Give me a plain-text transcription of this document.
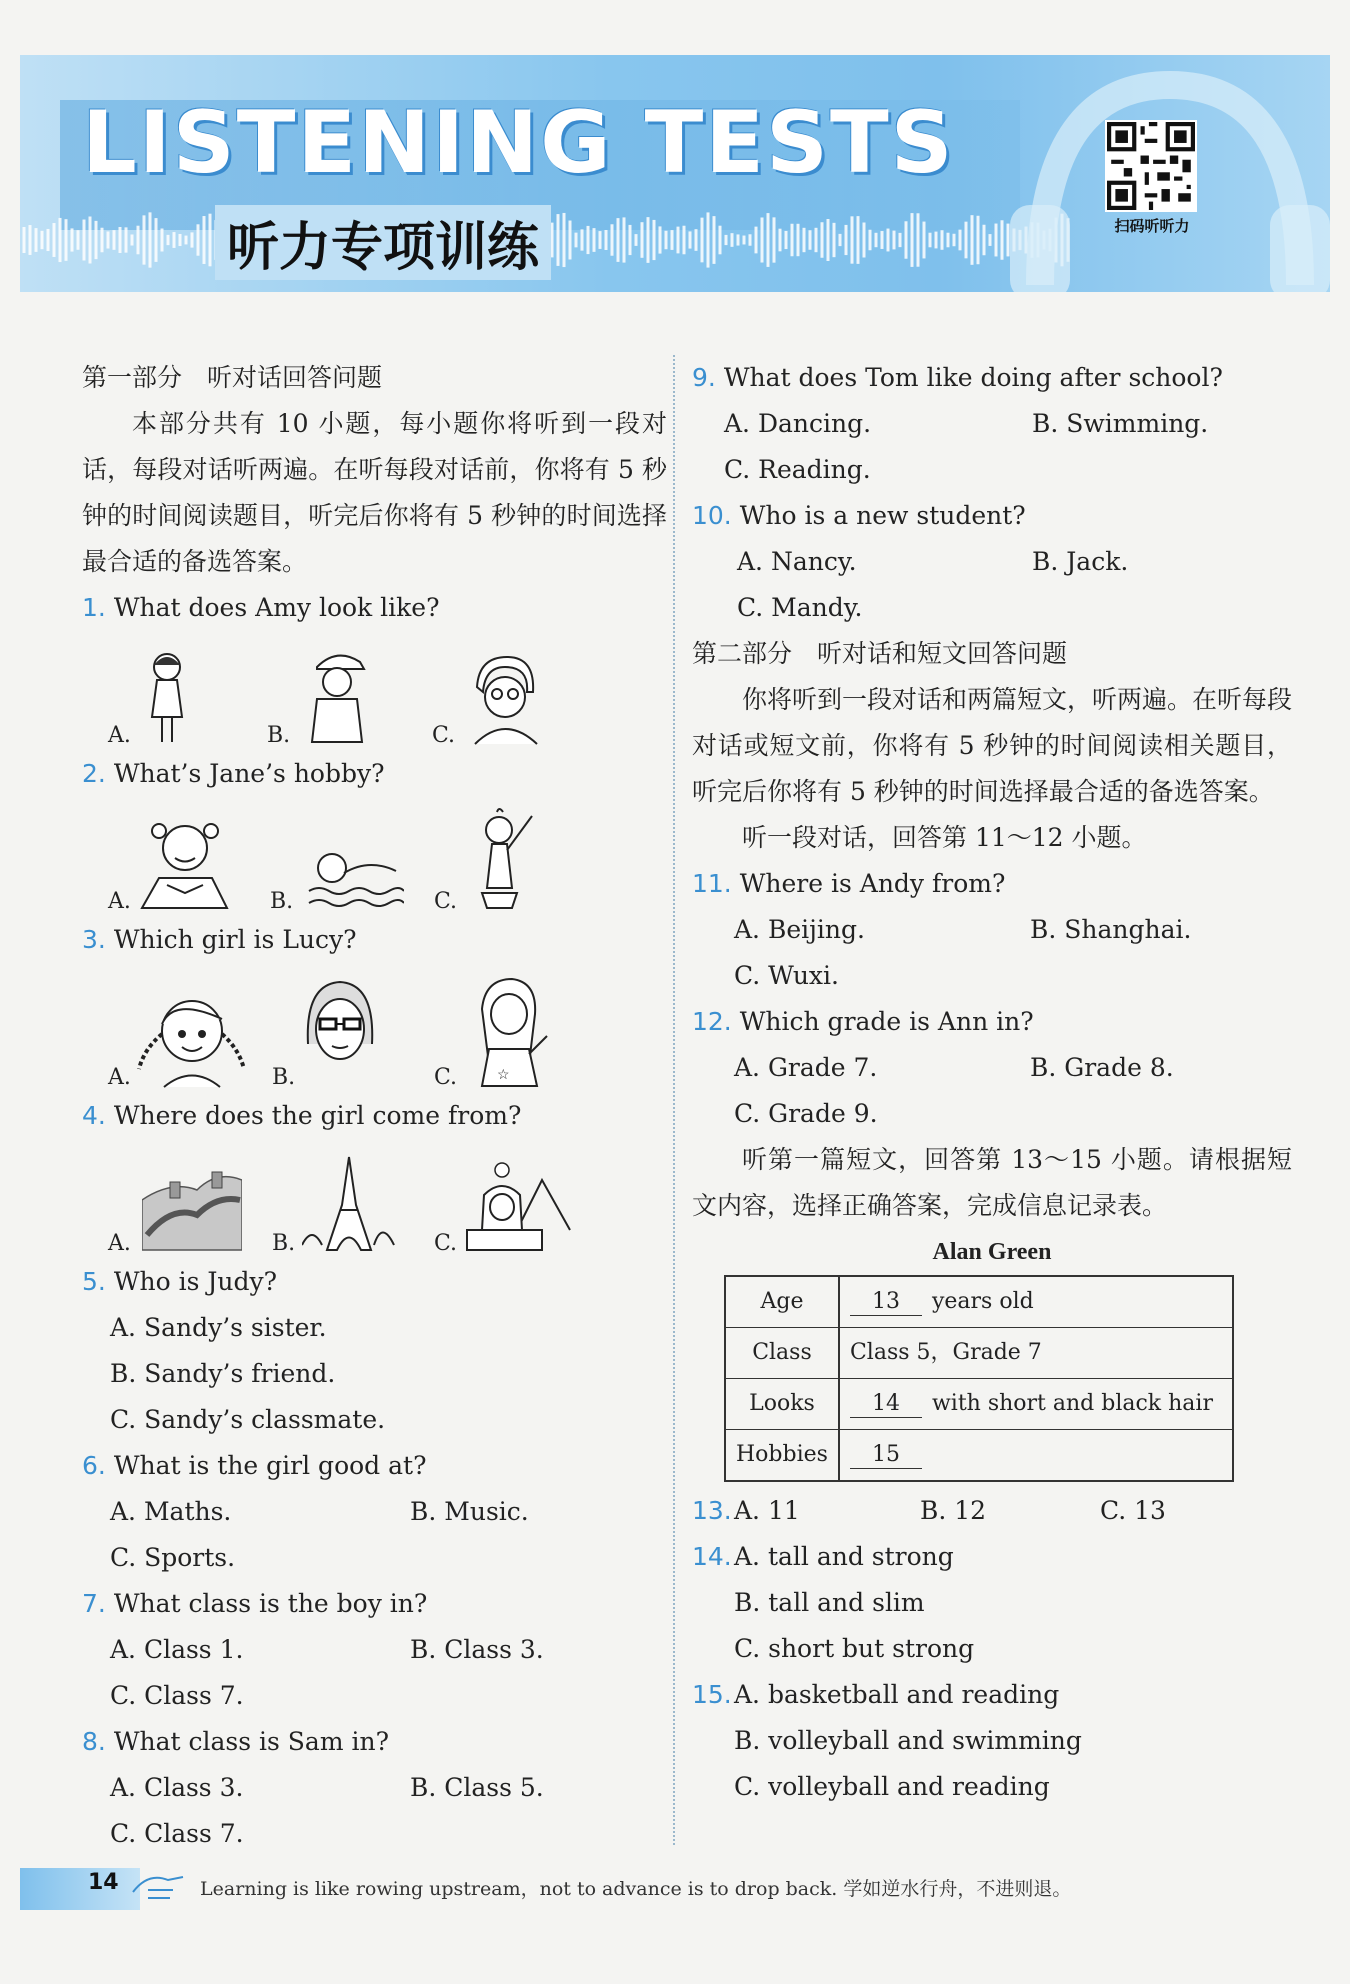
LISTENING TESTS
听力专项训练	扫码听听力
第一部分　听对话回答问题

本部分共有 10 小题，每小题你将听到一段对话，每段对话听两遍。在听每段对话前，你将有 5 秒钟的时间阅读题目，听完后你将有 5 秒钟的时间选择最合适的备选答案。

1. What does Amy look like?
A.	B.	C.
2. What’s Jane’s hobby?
A.	B.	C.
3. Which girl is Lucy?
A.	B.	C.	☆
4. Where does the girl come from?
A.	B.	C.
5. Who is Judy?
A. Sandy’s sister.
B. Sandy’s friend.
C. Sandy’s classmate.
6. What is the girl good at?
A. Maths.	B. Music.
C. Sports.
7. What class is the boy in?
A. Class 1.	B. Class 3.
C. Class 7.
8. What class is Sam in?
A. Class 3.	B. Class 5.
C. Class 7.
9. What does Tom like doing after school?
A. Dancing.	B. Swimming.
C. Reading.
10. Who is a new student?
A. Nancy.	B. Jack.
C. Mandy.
第二部分　听对话和短文回答问题

你将听到一段对话和两篇短文，听两遍。在听每段对话或短文前，你将有 5 秒钟的时间阅读相关题目，听完后你将有 5 秒钟的时间选择最合适的备选答案。

听一段对话，回答第 11～12 小题。

11. Where is Andy from?
A. Beijing.	B. Shanghai.
C. Wuxi.
12. Which grade is Ann in?
A. Grade 7.	B. Grade 8.
C. Grade 9.

听第一篇短文，回答第 13～15 小题。请根据短文内容，选择正确答案，完成信息记录表。

Alan Green
Age	13 years old
Class	Class 5，Grade 7
Looks	14 with short and black hair
Hobbies	15
13. A. 11	B. 12	C. 13
14. A. tall and strong
B. tall and slim
C. short but strong
15. A. basketball and reading
B. volleyball and swimming
C. volleyball and reading
14	Learning is like rowing upstream，not to advance is to drop back. 学如逆水行舟，不进则退。
